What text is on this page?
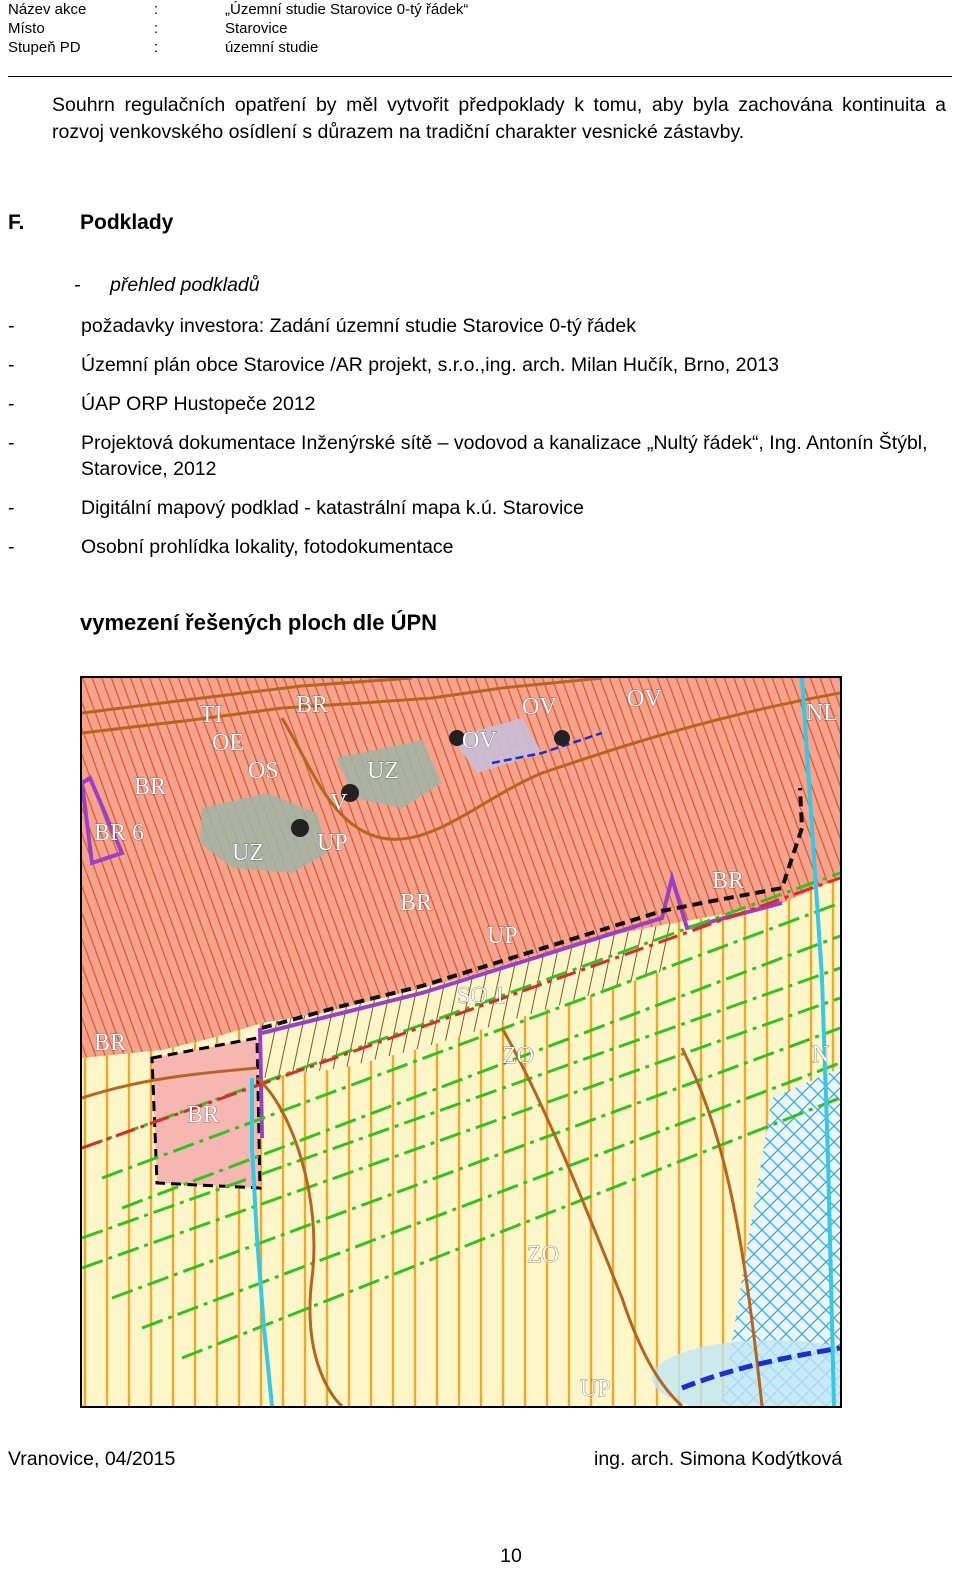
Název akce	:	„Územní studie Starovice 0-tý řádek“
Místo	:	Starovice
Stupeň PD	:	územní studie
Souhrn regulačních opatření by měl vytvořit předpoklady k tomu, aby byla zachována kontinuita a rozvoj venkovského osídlení s důrazem na tradiční charakter vesnické zástavby.
F.	Podklady
- přehled podkladů
-	požadavky investora: Zadání územní studie Starovice 0-tý řádek
-	Územní plán obce Starovice /AR projekt, s.r.o.,ing. arch. Milan Hučík, Brno, 2013
-	ÚAP ORP Hustopeče 2012
-	Projektová dokumentace Inženýrské sítě – vodovod a kanalizace „Nultý řádek“, Ing. Antonín Štýbl, Starovice, 2012
-	Digitální mapový podklad - katastrální mapa k.ú. Starovice
-	Osobní prohlídka lokality, fotodokumentace
vymezení řešených ploch dle ÚPN
BR	OV	OV
NL
OE
OS	UZ
BR
OV
BR 6
UZ UP
BR
BR
UP
SO 1
BR	ZO	N
BR
ZO
UP
TI
V
Vranovice, 04/2015	ing. arch. Simona Kodýtková
10
